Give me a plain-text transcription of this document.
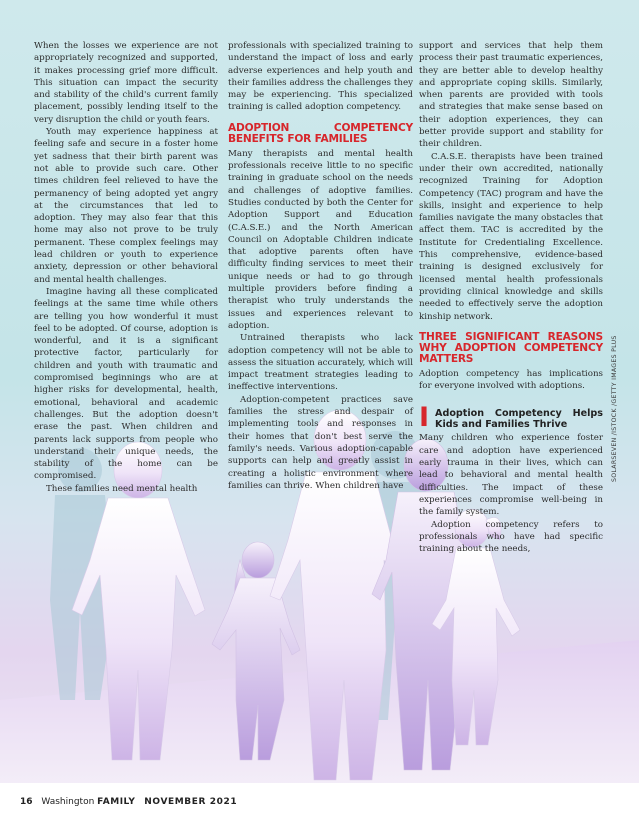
When the losses we experience are not appropriately recognized and supported, it makes processing grief more difficult. This situation can impact the security and stability of the child's current family placement, possibly lending itself to the very disruption the child or youth fears.

Youth may experience happiness at feeling safe and secure in a foster home yet sadness that their birth parent was not able to provide such care. Other times children feel relieved to have the permanency of being adopted yet angry at the circumstances that led to adoption. They may also fear that this home may also not prove to be truly permanent. These complex feelings may lead children or youth to experience anxiety, depression or other behavioral and mental health challenges.

Imagine having all these complicated feelings at the same time while others are telling you how wonderful it must feel to be adopted. Of course, adoption is wonderful, and it is a significant protective factor, particularly for children and youth with traumatic and compromised beginnings who are at higher risks for developmental, health, emotional, behavioral and academic challenges. But the adoption doesn't erase the past. When children and parents lack supports from people who understand their unique needs, the stability of the home can be compromised.

These families need mental health

professionals with specialized training to understand the impact of loss and early adverse experiences and help youth and their families address the challenges they may be experiencing. This specialized training is called adoption competency.

ADOPTION COMPETENCY BENEFITS FOR FAMILIES

Many therapists and mental health professionals receive little to no specific training in graduate school on the needs and challenges of adoptive families. Studies conducted by both the Center for Adoption Support and Education (C.A.S.E.) and the North American Council on Adoptable Children indicate that adoptive parents often have difficulty finding services to meet their unique needs or had to go through multiple providers before finding a therapist who truly understands the issues and experiences relevant to adoption.

Untrained therapists who lack adoption competency will not be able to assess the situation accurately, which will impact treatment strategies leading to ineffective interventions.

Adoption-competent practices save families the stress and despair of implementing tools and responses in their homes that don't best serve the family's needs. Various adoption-capable supports can help and greatly assist in creating a holistic environment where families can thrive. When children have

support and services that help them process their past traumatic experiences, they are better able to develop healthy and appropriate coping skills. Similarly, when parents are provided with tools and strategies that make sense based on their adoption experiences, they can better provide support and stability for their children.

C.A.S.E. therapists have been trained under their own accredited, nationally recognized Training for Adoption Competency (TAC) program and have the skills, insight and experience to help families navigate the many obstacles that affect them. TAC is accredited by the Institute for Credentialing Excellence. This comprehensive, evidence-based training is designed exclusively for licensed mental health professionals providing clinical knowledge and skills needed to effectively serve the adoption kinship network.

THREE SIGNIFICANT REASONS WHY ADOPTION COMPETENCY MATTERS

Adoption competency has implications for everyone involved with adoptions.

I Adoption Competency Helps Kids and Families Thrive

Many children who experience foster care and adoption have experienced early trauma in their lives, which can lead to behavioral and mental health difficulties. The impact of these experiences compromise well-being in the family system.

Adoption competency refers to professionals who have had specific training about the needs,

SOLARSEVEN /ISTOCK /GETTY IMAGES PLUS
16 Washington FAMILY NOVEMBER 2021
